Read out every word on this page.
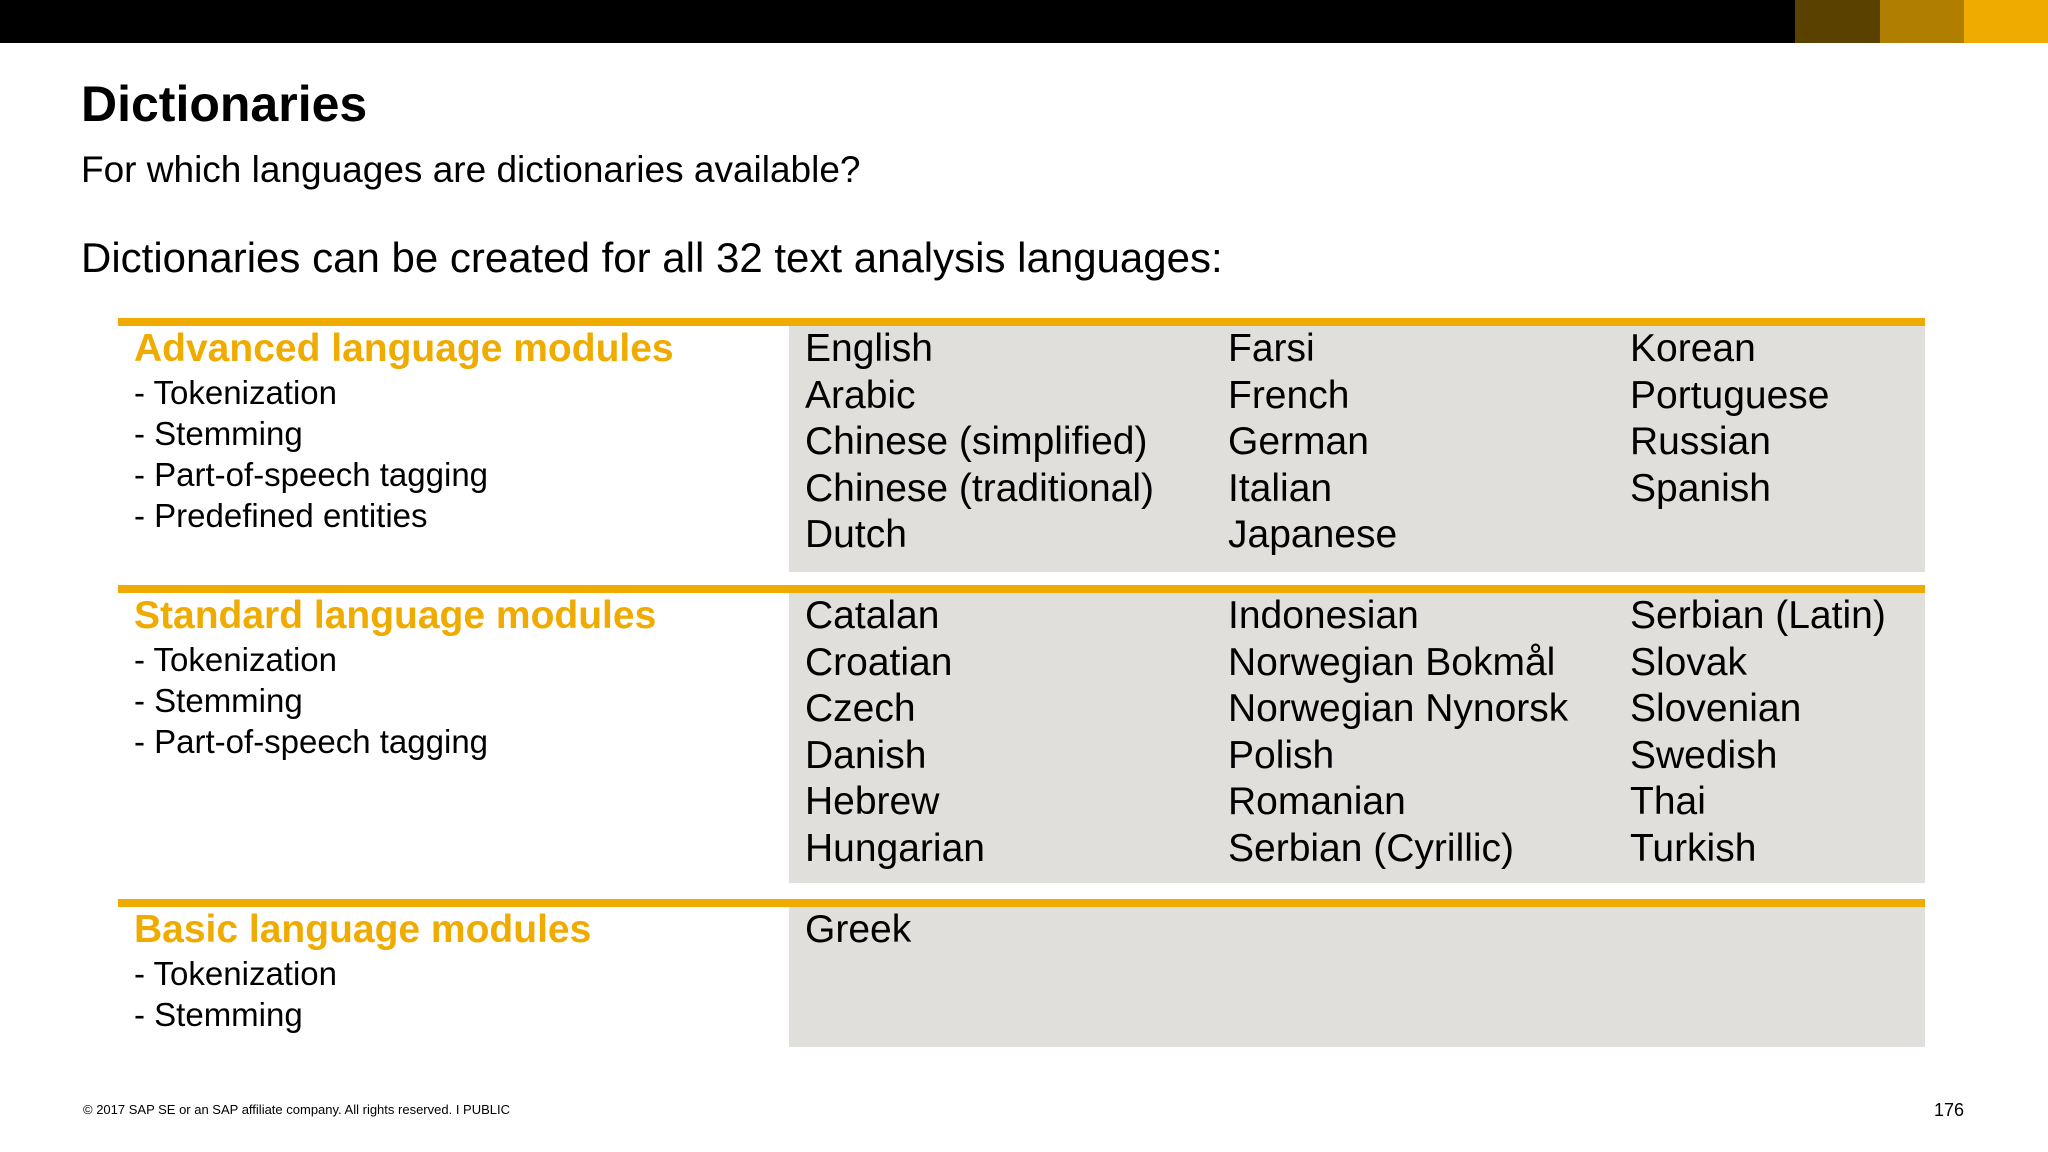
Dictionaries
For which languages are dictionaries available?
Dictionaries can be created for all 32 text analysis languages:
Advanced language modules
- Tokenization
- Stemming
- Part-of-speech tagging
- Predefined entities
English
Arabic
Chinese (simplified)
Chinese (traditional)
Dutch
Farsi
French
German
Italian
Japanese
Korean
Portuguese
Russian
Spanish
Standard language modules
- Tokenization
- Stemming
- Part-of-speech tagging
Catalan
Croatian
Czech
Danish
Hebrew
Hungarian
Indonesian
Norwegian Bokmål
Norwegian Nynorsk
Polish
Romanian
Serbian (Cyrillic)
Serbian (Latin)
Slovak
Slovenian
Swedish
Thai
Turkish
Basic language modules
- Tokenization
- Stemming
Greek
© 2017 SAP SE or an SAP affiliate company. All rights reserved. I PUBLIC	176
